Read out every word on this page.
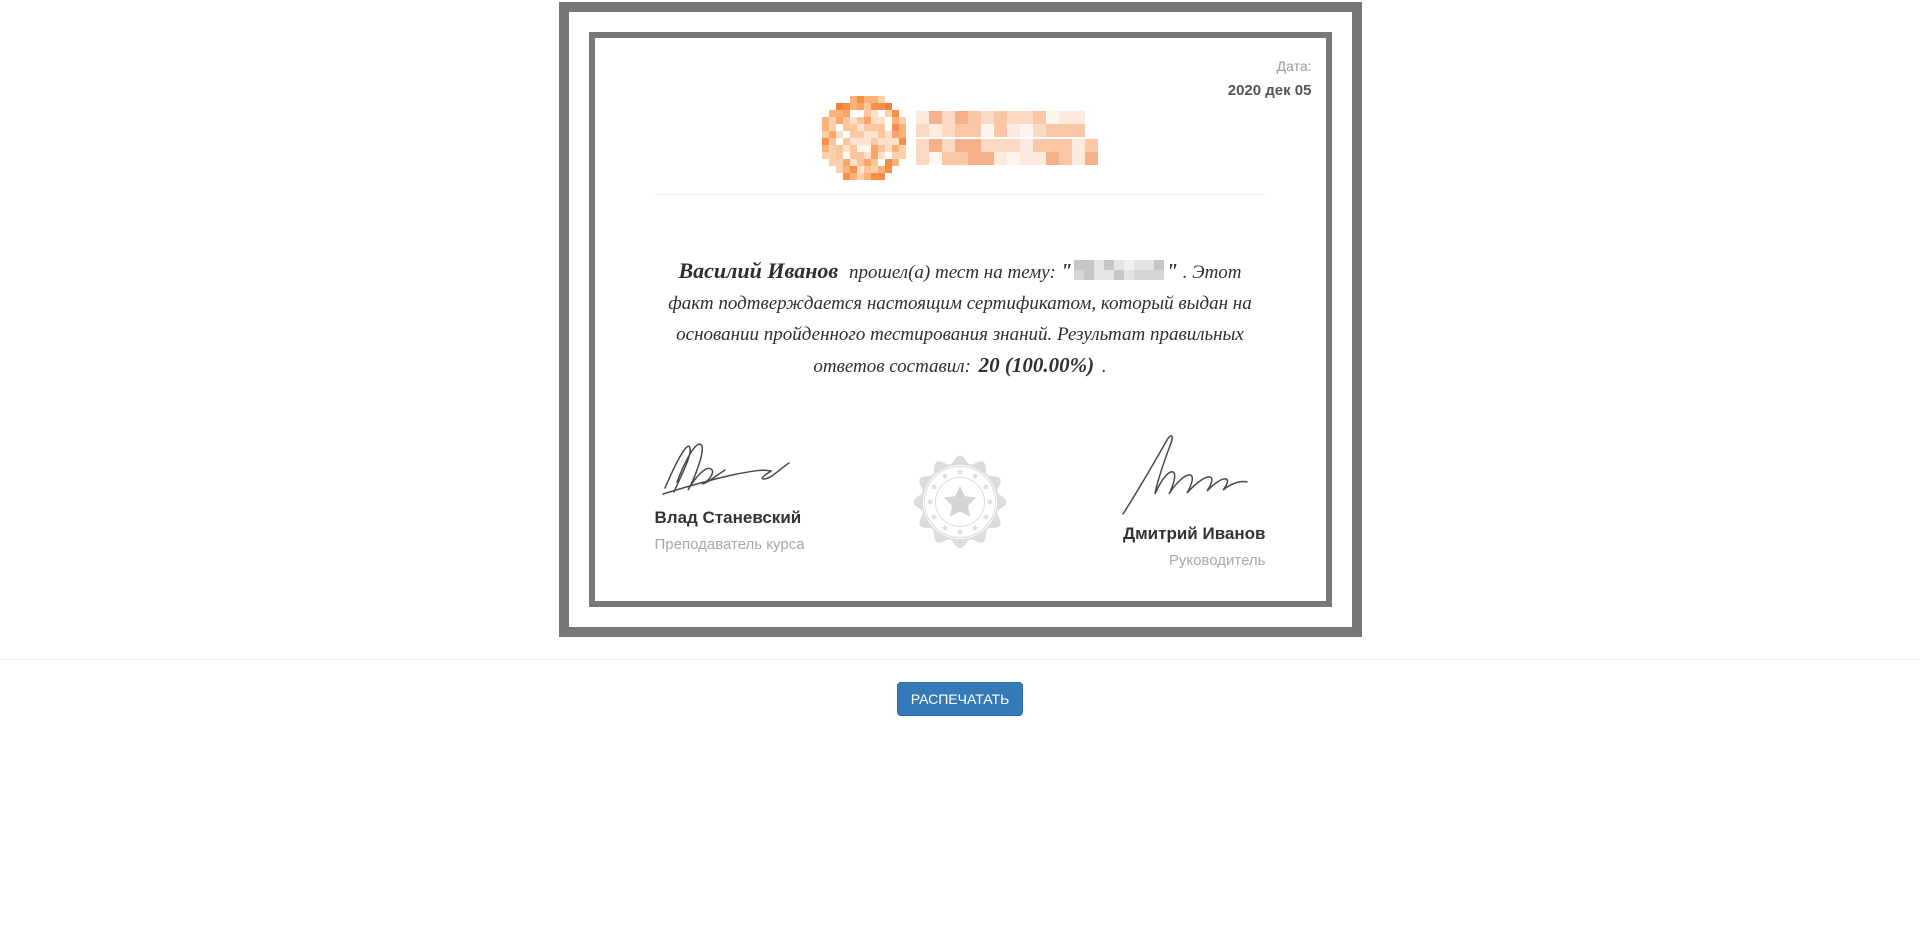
Дата:
2020 дек 05

Василий Иванов прошел(а) тест на тему: "	" . Этот факт подтверждается настоящим сертификатом, который выдан на основании пройденного тестирования знаний. Результат правильных ответов составил: 20 (100.00%) .

Влад Станевский
Преподаватель курса
Дмитрий Иванов
Руководитель
РАСПЕЧАТАТЬ
